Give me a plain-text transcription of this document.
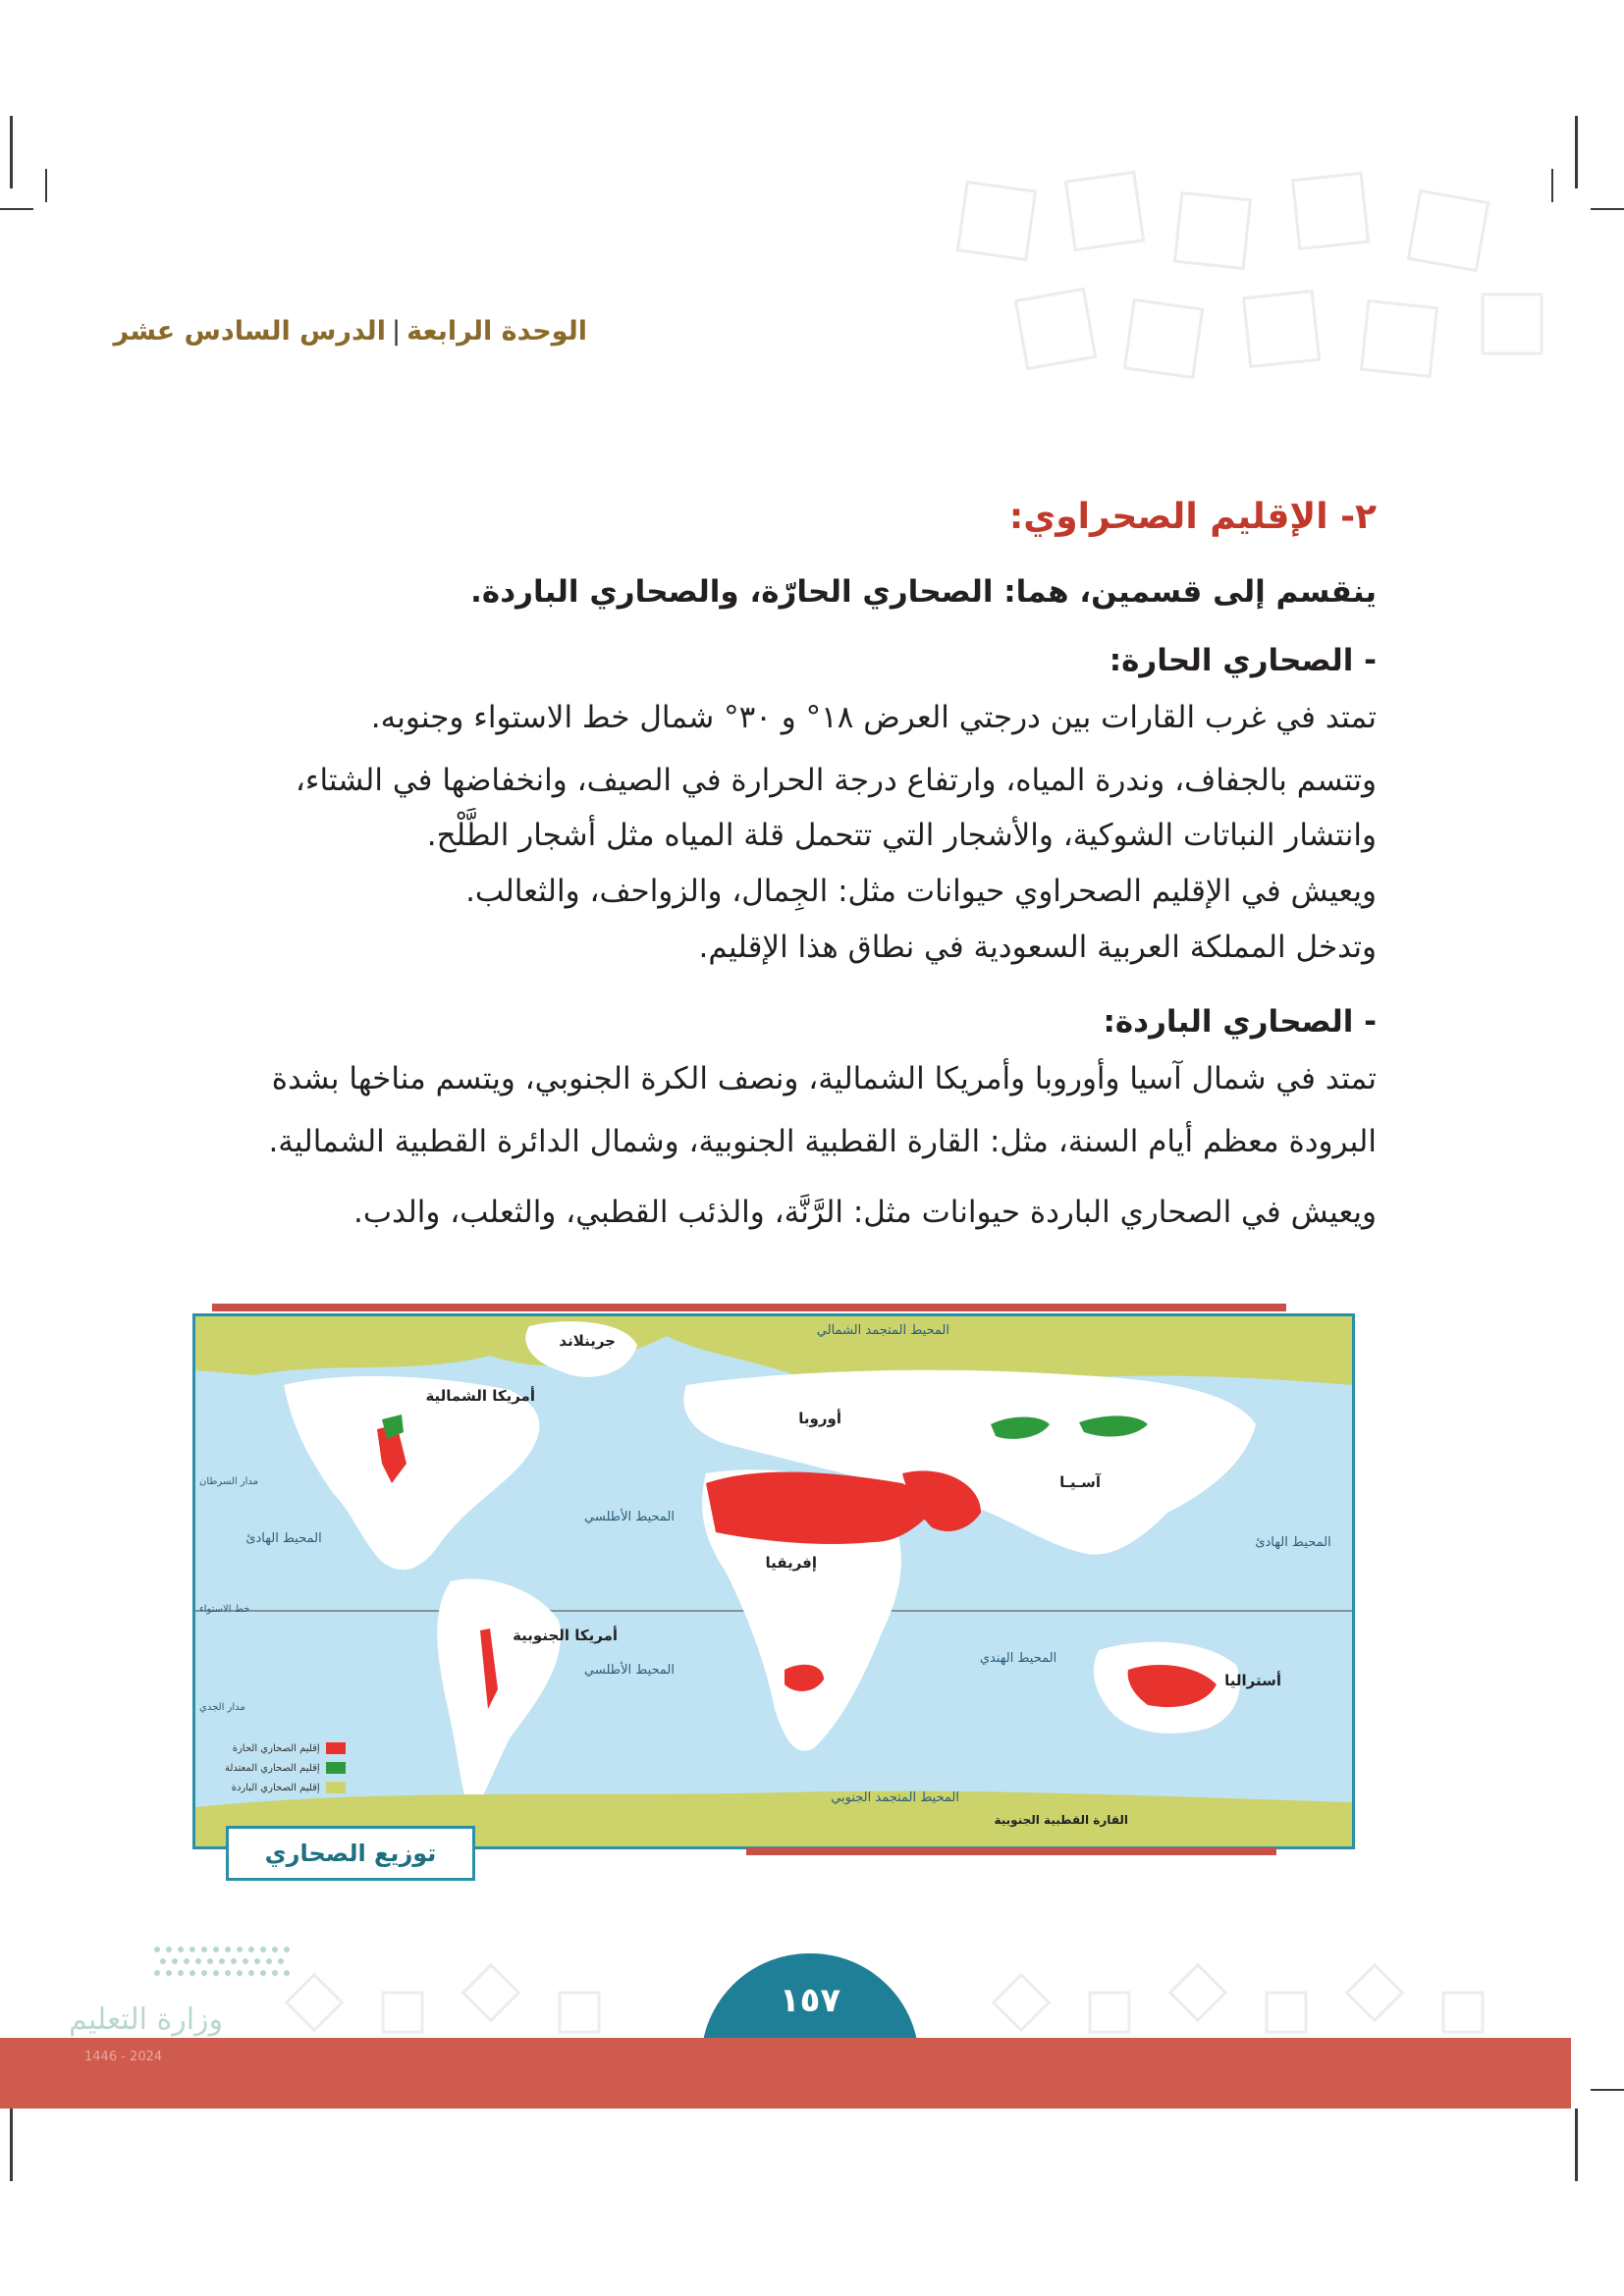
الوحدة الرابعة|الدرس السادس عشر
٢- الإقليم الصحراوي:
ينقسم إلى قسمين، هما: الصحاري الحارّة، والصحاري الباردة.
- الصحاري الحارة:
تمتد في غرب القارات بين درجتي العرض ١٨° و ٣٠° شمال خط الاستواء وجنوبه.
وتتسم بالجفاف، وندرة المياه، وارتفاع درجة الحرارة في الصيف، وانخفاضها في الشتاء،
وانتشار النباتات الشوكية، والأشجار التي تتحمل قلة المياه مثل أشجار الطَّلْح.
ويعيش في الإقليم الصحراوي حيوانات مثل: الجِمال، والزواحف، والثعالب.
وتدخل المملكة العربية السعودية في نطاق هذا الإقليم.
- الصحاري الباردة:
تمتد في شمال آسيا وأوروبا وأمريكا الشمالية، ونصف الكرة الجنوبي، ويتسم مناخها بشدة
البرودة معظم أيام السنة، مثل: القارة القطبية الجنوبية، وشمال الدائرة القطبية الشمالية.
ويعيش في الصحاري الباردة حيوانات مثل: الرَّنَّة، والذئب القطبي، والثعلب، والدب.
أمريكا الشمالية
جرينلاند
أوروبا
إفريقيا
آسـيـا
أمريكا الجنوبية
أستراليا
القارة القطبية الجنوبية
المحيط المتجمد الشمالي
المحيط الهادئ	المحيط الهادئ
المحيط الأطلسي
المحيط الأطلسي
المحيط الهندي
المحيط المتجمد الجنوبي
مدار السرطان
خط الاستواء
مدار الجدي
إقليم الصحاري الحارة
إقليم الصحاري المعتدلة
إقليم الصحاري الباردة
توزيع الصحاري
وزارة التعليم
2024 - 1446
١٥٧
